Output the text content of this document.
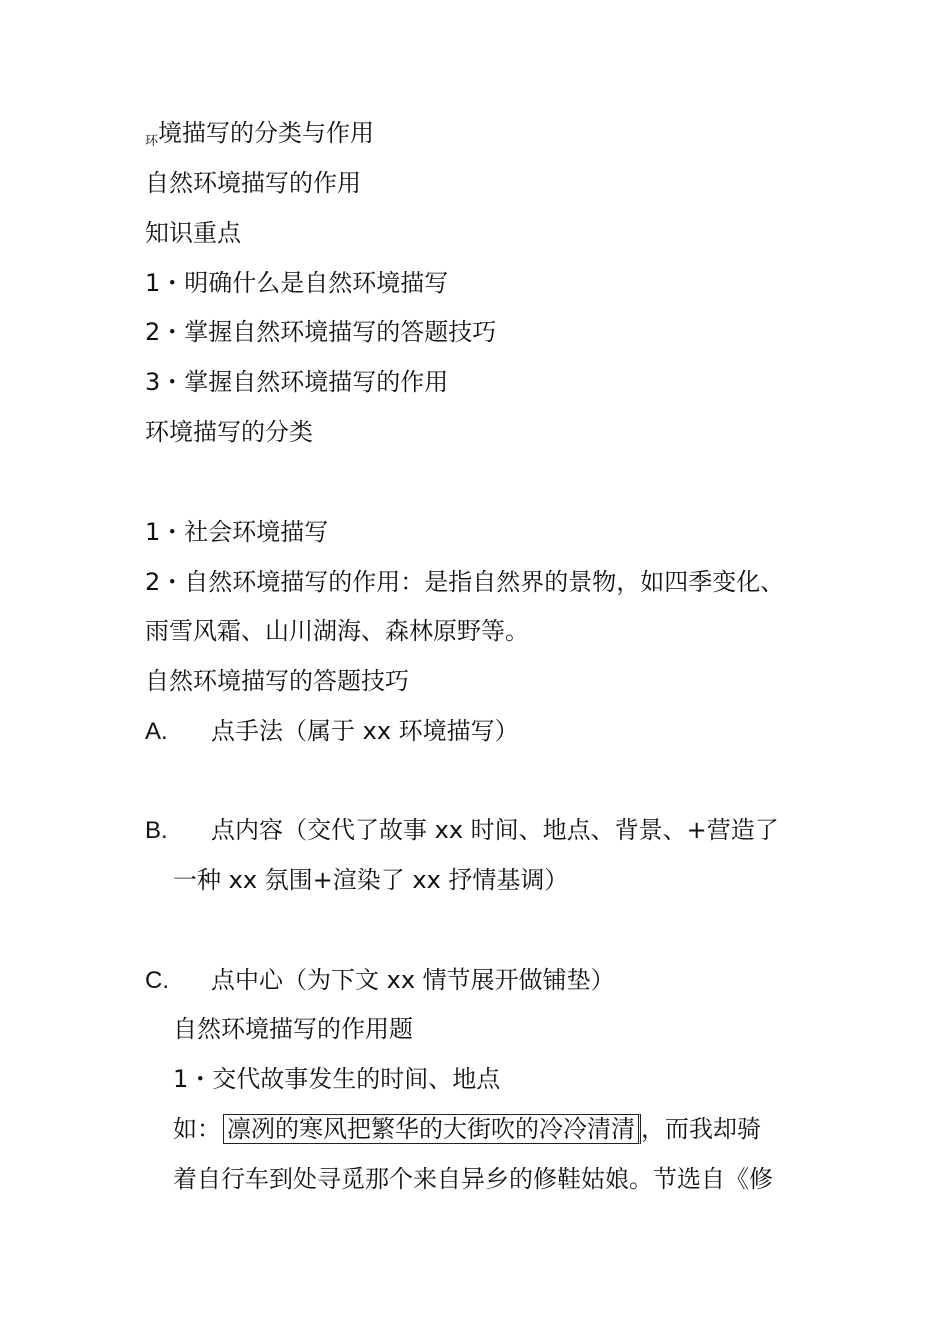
环境描写的分类与作用
自然环境描写的作用
知识重点
1・明确什么是自然环境描写
2・掌握自然环境描写的答题技巧
3・掌握自然环境描写的作用
环境描写的分类
1・社会环境描写
2・自然环境描写的作用：是指自然界的景物，如四季变化、
雨雪风霜、山川湖海、森林原野等。
自然环境描写的答题技巧
A. 点手法（属于 xx 环境描写）
B. 点内容（交代了故事 xx 时间、地点、背景、+营造了
一种 xx 氛围+渲染了 xx 抒情基调）
C. 点中心（为下文 xx 情节展开做铺垫）
自然环境描写的作用题
1・交代故事发生的时间、地点
如： 凛冽的寒风把繁华的大街吹的冷冷清清 ，而我却骑
着自行车到处寻觅那个来自异乡的修鞋姑娘。节选自《修
